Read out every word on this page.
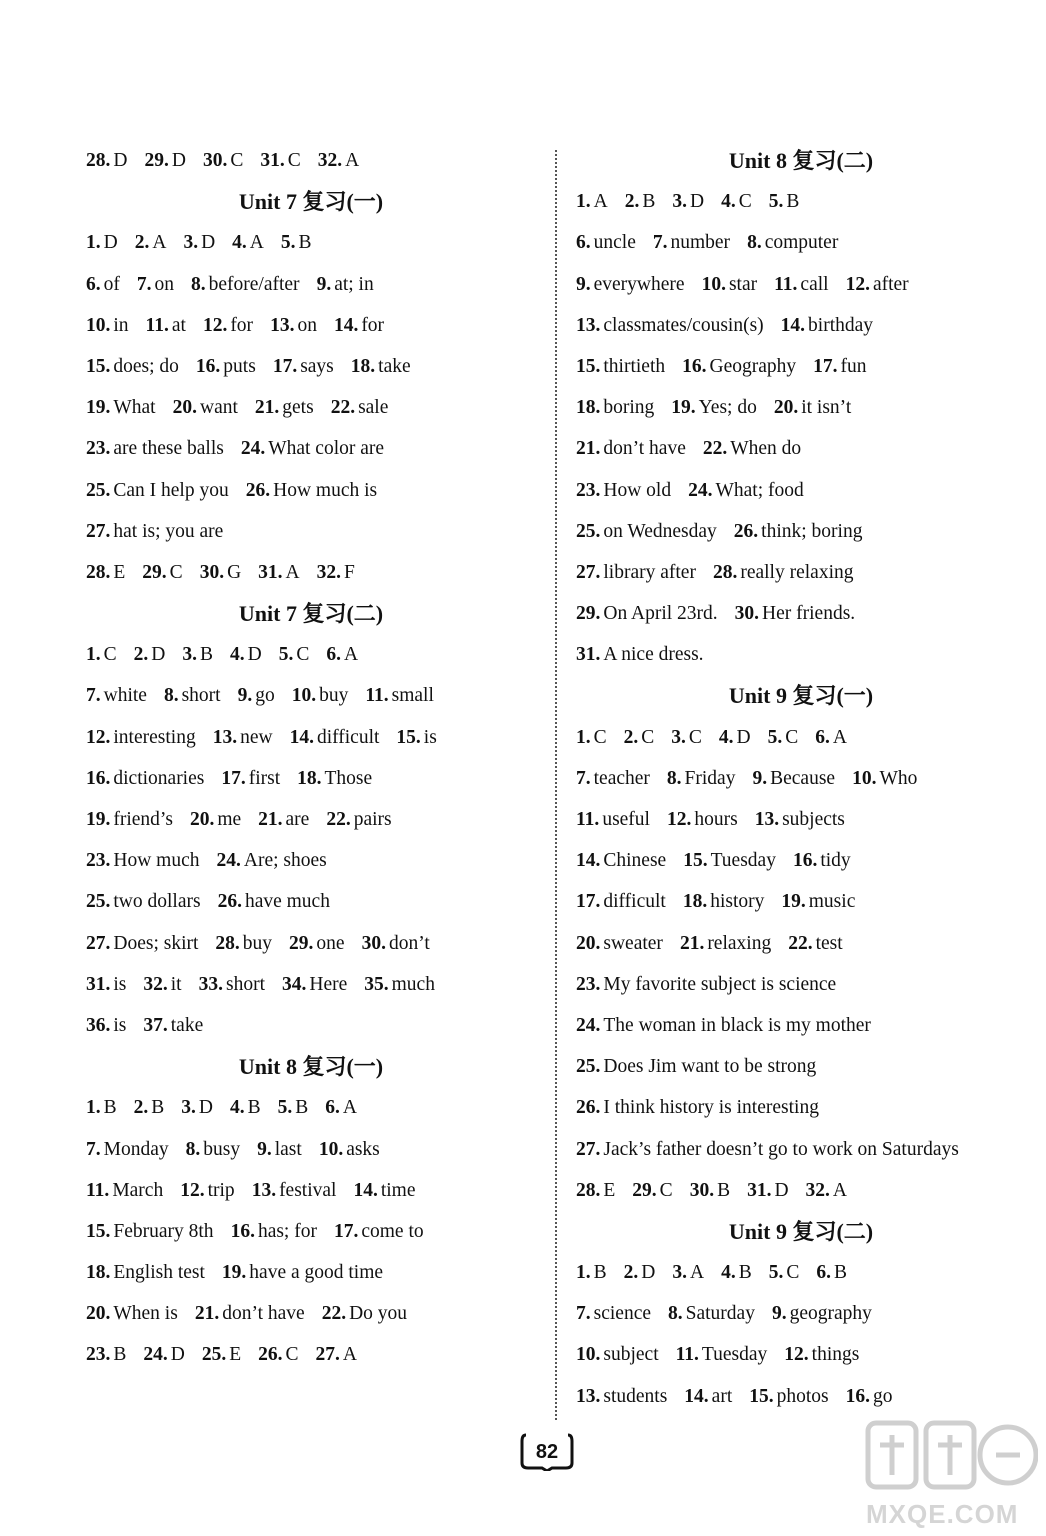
28. D 29. D 30. C 31. C 32. A
Unit 7 复习(一)
1. D 2. A 3. D 4. A 5. B
6. of 7. on 8. before/after 9. at; in
10. in 11. at 12. for 13. on 14. for
15. does; do 16. puts 17. says 18. take
19. What 20. want 21. gets 22. sale
23. are these balls 24. What color are
25. Can I help you 26. How much is
27. hat is; you are
28. E 29. C 30. G 31. A 32. F
Unit 7 复习(二)
1. C 2. D 3. B 4. D 5. C 6. A
7. white 8. short 9. go 10. buy 11. small
12. interesting 13. new 14. difficult 15. is
16. dictionaries 17. first 18. Those
19. friend’s 20. me 21. are 22. pairs
23. How much 24. Are; shoes
25. two dollars 26. have much
27. Does; skirt 28. buy 29. one 30. don’t
31. is 32. it 33. short 34. Here 35. much
36. is 37. take
Unit 8 复习(一)
1. B 2. B 3. D 4. B 5. B 6. A
7. Monday 8. busy 9. last 10. asks
11. March 12. trip 13. festival 14. time
15. February 8th 16. has; for 17. come to
18. English test 19. have a good time
20. When is 21. don’t have 22. Do you
23. B 24. D 25. E 26. C 27. A
Unit 8 复习(二)
1. A 2. B 3. D 4. C 5. B
6. uncle 7. number 8. computer
9. everywhere 10. star 11. call 12. after
13. classmates/cousin(s) 14. birthday
15. thirtieth 16. Geography 17. fun
18. boring 19. Yes; do 20. it isn’t
21. don’t have 22. When do
23. How old 24. What; food
25. on Wednesday 26. think; boring
27. library after 28. really relaxing
29. On April 23rd. 30. Her friends.
31. A nice dress.
Unit 9 复习(一)
1. C 2. C 3. C 4. D 5. C 6. A
7. teacher 8. Friday 9. Because 10. Who
11. useful 12. hours 13. subjects
14. Chinese 15. Tuesday 16. tidy
17. difficult 18. history 19. music
20. sweater 21. relaxing 22. test
23. My favorite subject is science
24. The woman in black is my mother
25. Does Jim want to be strong
26. I think history is interesting
27. Jack’s father doesn’t go to work on Saturdays
28. E 29. C 30. B 31. D 32. A
Unit 9 复习(二)
1. B 2. D 3. A 4. B 5. C 6. B
7. science 8. Saturday 9. geography
10. subject 11. Tuesday 12. things
13. students 14. art 15. photos 16. go
82
MXQE.COM
